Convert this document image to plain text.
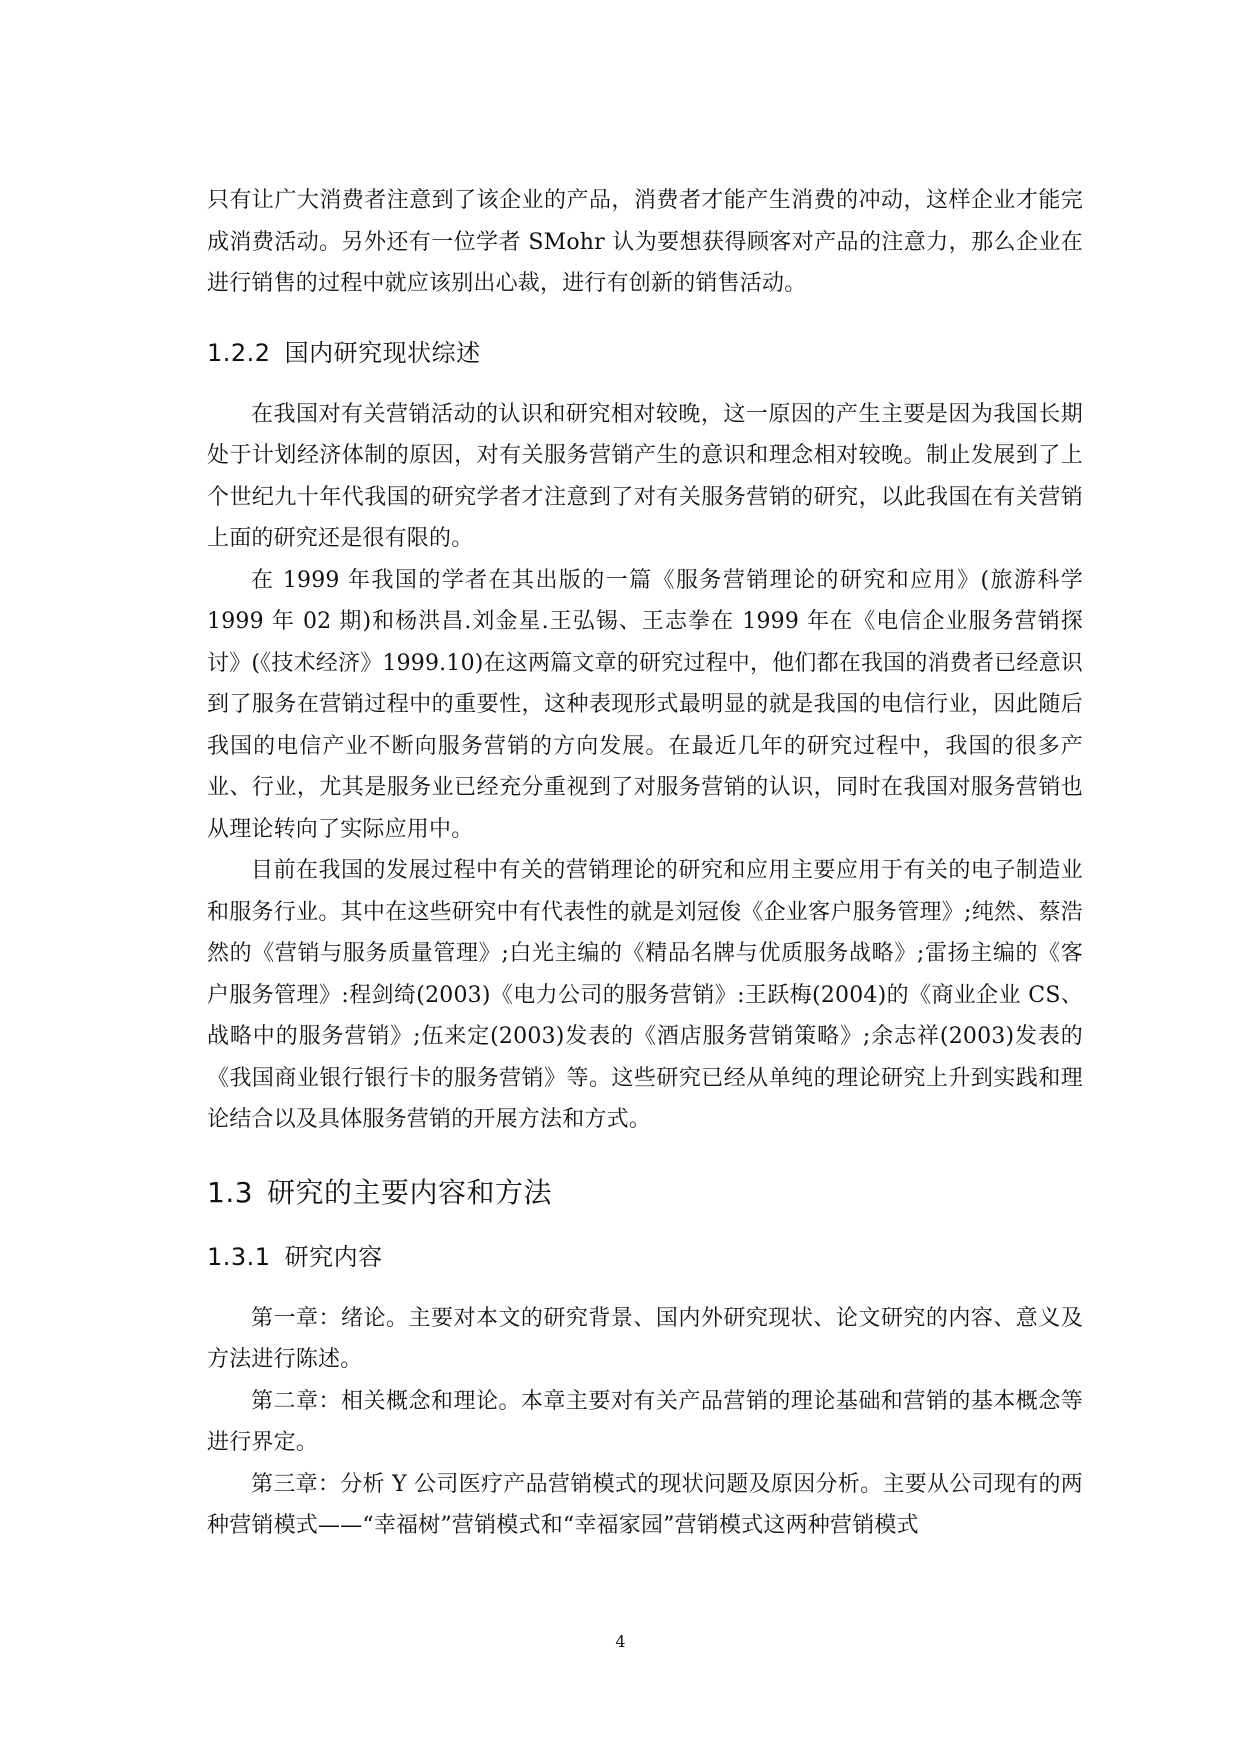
只有让广大消费者注意到了该企业的产品，消费者才能产生消费的冲动，这样企业才能完成消费活动。另外还有一位学者 SMohr 认为要想获得顾客对产品的注意力，那么企业在进行销售的过程中就应该别出心裁，进行有创新的销售活动。

1.2.2 国内研究现状综述

在我国对有关营销活动的认识和研究相对较晚，这一原因的产生主要是因为我国长期处于计划经济体制的原因，对有关服务营销产生的意识和理念相对较晚。制止发展到了上个世纪九十年代我国的研究学者才注意到了对有关服务营销的研究，以此我国在有关营销上面的研究还是很有限的。

在 1999 年我国的学者在其出版的一篇《服务营销理论的研究和应用》(旅游科学 1999 年 02 期)和杨洪昌.刘金星.王弘锡、王志拳在 1999 年在《电信企业服务营销探讨》(《技术经济》1999.10)在这两篇文章的研究过程中，他们都在我国的消费者已经意识到了服务在营销过程中的重要性，这种表现形式最明显的就是我国的电信行业，因此随后我国的电信产业不断向服务营销的方向发展。在最近几年的研究过程中，我国的很多产业、行业，尤其是服务业已经充分重视到了对服务营销的认识，同时在我国对服务营销也从理论转向了实际应用中。

目前在我国的发展过程中有关的营销理论的研究和应用主要应用于有关的电子制造业和服务行业。其中在这些研究中有代表性的就是刘冠俊《企业客户服务管理》;纯然、蔡浩然的《营销与服务质量管理》;白光主编的《精品名牌与优质服务战略》;雷扬主编的《客户服务管理》:程剑绮(2003)《电力公司的服务营销》:王跃梅(2004)的《商业企业 CS、战略中的服务营销》;伍来定(2003)发表的《酒店服务营销策略》;余志祥(2003)发表的《我国商业银行银行卡的服务营销》等。这些研究已经从单纯的理论研究上升到实践和理论结合以及具体服务营销的开展方法和方式。

1.3 研究的主要内容和方法
1.3.1 研究内容

第一章：绪论。主要对本文的研究背景、国内外研究现状、论文研究的内容、意义及方法进行陈述。

第二章：相关概念和理论。本章主要对有关产品营销的理论基础和营销的基本概念等进行界定。

第三章：分析 Y 公司医疗产品营销模式的现状问题及原因分析。主要从公司现有的两种营销模式——“幸福树”营销模式和“幸福家园”营销模式这两种营销模式

4
